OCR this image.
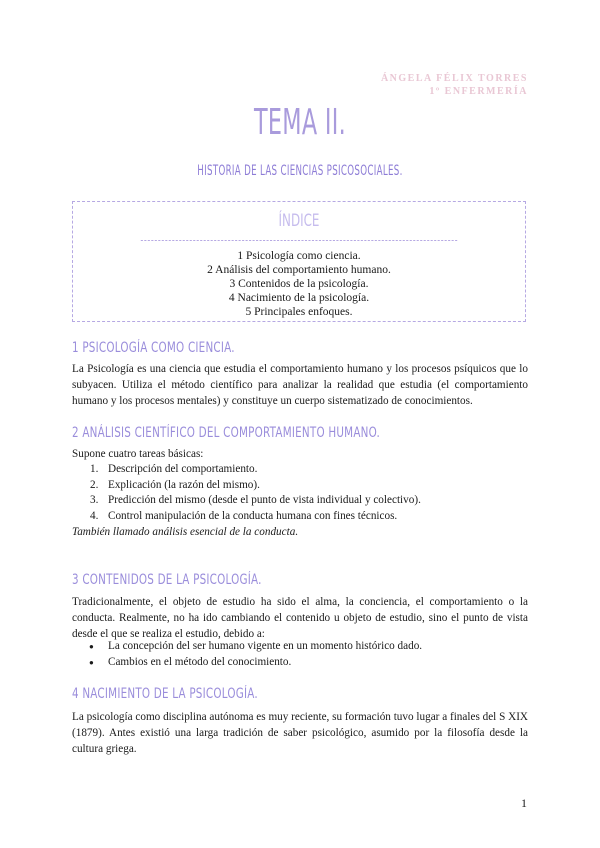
ÁNGELA FÉLIX TORRES
1º ENFERMERÍA
TEMA II.
HISTORIA DE LAS CIENCIAS PSICOSOCIALES.
ÍNDICE
1 Psicología como ciencia.
2 Análisis del comportamiento humano.
3 Contenidos de la psicología.
4 Nacimiento de la psicología.
5 Principales enfoques.
1 PSICOLOGÍA COMO CIENCIA.
La Psicología es una ciencia que estudia el comportamiento humano y los procesos psíquicos que lo subyacen. Utiliza el método científico para analizar la realidad que estudia (el comportamiento humano y los procesos mentales) y constituye un cuerpo sistematizado de conocimientos.
2 ANÁLISIS CIENTÍFICO DEL COMPORTAMIENTO HUMANO.
Supone cuatro tareas básicas:
1. Descripción del comportamiento.
2. Explicación (la razón del mismo).
3. Predicción del mismo (desde el punto de vista individual y colectivo).
4. Control manipulación de la conducta humana con fines técnicos.
También llamado análisis esencial de la conducta.
3 CONTENIDOS DE LA PSICOLOGÍA.
Tradicionalmente, el objeto de estudio ha sido el alma, la conciencia, el comportamiento o la conducta. Realmente, no ha ido cambiando el contenido u objeto de estudio, sino el punto de vista desde el que se realiza el estudio, debido a:
● La concepción del ser humano vigente en un momento histórico dado.
● Cambios en el método del conocimiento.
4 NACIMIENTO DE LA PSICOLOGÍA.
La psicología como disciplina autónoma es muy reciente, su formación tuvo lugar a finales del S XIX (1879). Antes existió una larga tradición de saber psicológico, asumido por la filosofía desde la cultura griega.
1
